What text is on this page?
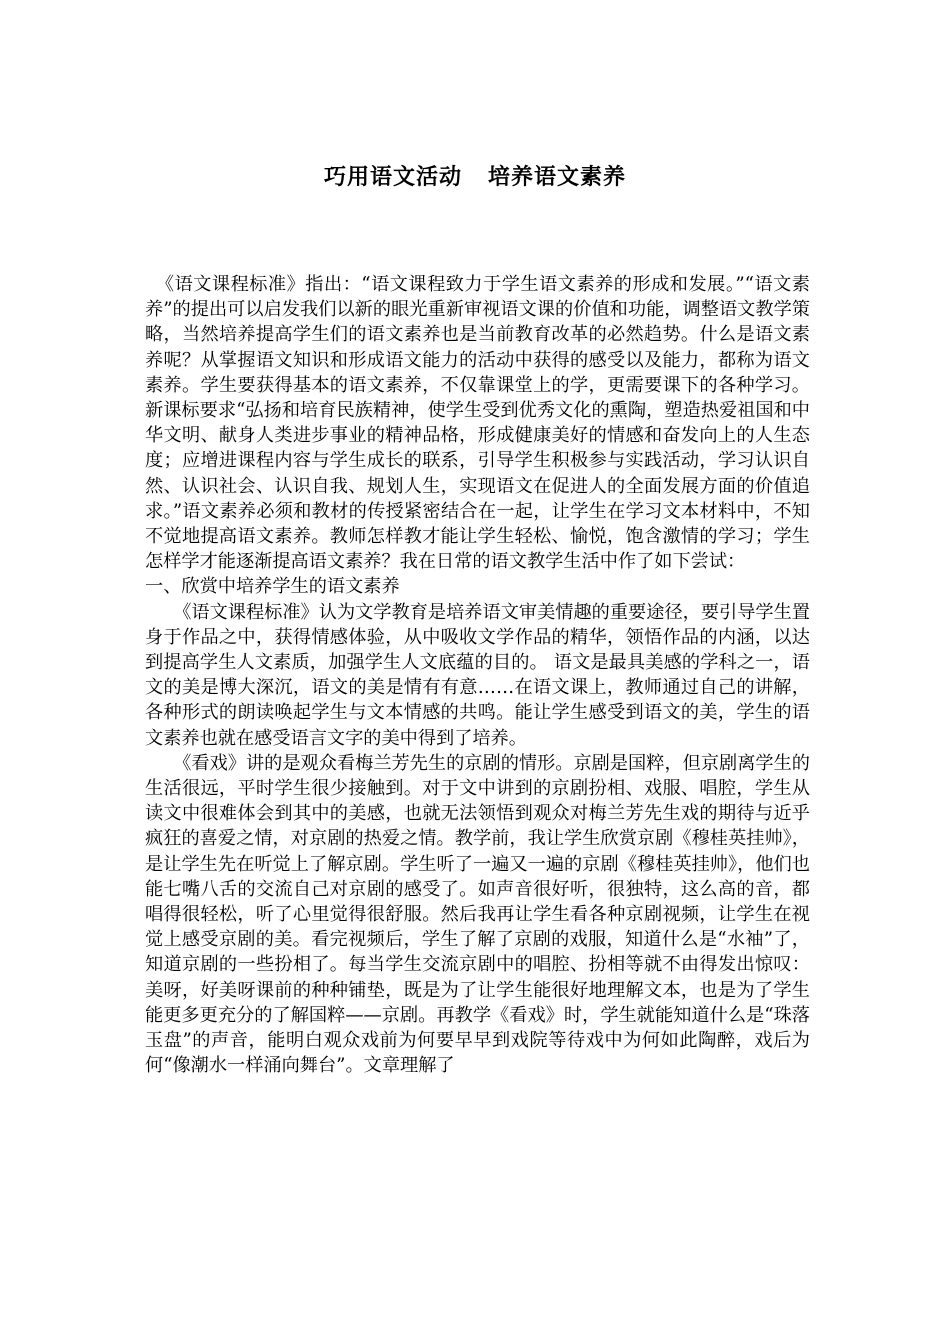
巧用语文活动   培养语文素养

《语文课程标准》指出：“语文课程致力于学生语文素养的形成和发展。”“语文素养”的提出可以启发我们以新的眼光重新审视语文课的价值和功能，调整语文教学策略，当然培养提高学生们的语文素养也是当前教育改革的必然趋势。什么是语文素养呢？从掌握语文知识和形成语文能力的活动中获得的感受以及能力，都称为语文素养。学生要获得基本的语文素养，不仅靠课堂上的学，更需要课下的各种学习。新课标要求“弘扬和培育民族精神，使学生受到优秀文化的熏陶，塑造热爱祖国和中华文明、献身人类进步事业的精神品格，形成健康美好的情感和奋发向上的人生态度；应增进课程内容与学生成长的联系，引导学生积极参与实践活动，学习认识自然、认识社会、认识自我、规划人生，实现语文在促进人的全面发展方面的价值追求。”语文素养必须和教材的传授紧密结合在一起，让学生在学习文本材料中，不知不觉地提高语文素养。教师怎样教才能让学生轻松、愉悦，饱含激情的学习；学生怎样学才能逐渐提高语文素养？我在日常的语文教学生活中作了如下尝试：

一、欣赏中培养学生的语文素养

《语文课程标准》认为文学教育是培养语文审美情趣的重要途径，要引导学生置身于作品之中，获得情感体验，从中吸收文学作品的精华，领悟作品的内涵，以达到提高学生人文素质，加强学生人文底蕴的目的。 语文是最具美感的学科之一，语文的美是博大深沉，语文的美是情有有意……在语文课上，教师通过自己的讲解，各种形式的朗读唤起学生与文本情感的共鸣。能让学生感受到语文的美，学生的语文素养也就在感受语言文字的美中得到了培养。

《看戏》讲的是观众看梅兰芳先生的京剧的情形。京剧是国粹，但京剧离学生的生活很远，平时学生很少接触到。对于文中讲到的京剧扮相、戏服、唱腔，学生从读文中很难体会到其中的美感，也就无法领悟到观众对梅兰芳先生戏的期待与近乎疯狂的喜爱之情，对京剧的热爱之情。教学前，我让学生欣赏京剧《穆桂英挂帅》，是让学生先在听觉上了解京剧。学生听了一遍又一遍的京剧《穆桂英挂帅》，他们也能七嘴八舌的交流自己对京剧的感受了。如声音很好听，很独特，这么高的音，都唱得很轻松，听了心里觉得很舒服。然后我再让学生看各种京剧视频，让学生在视觉上感受京剧的美。看完视频后，学生了解了京剧的戏服，知道什么是“水袖”了，知道京剧的一些扮相了。每当学生交流京剧中的唱腔、扮相等就不由得发出惊叹：美呀，好美呀课前的种种铺垫，既是为了让学生能很好地理解文本，也是为了学生能更多更充分的了解国粹——京剧。再教学《看戏》时，学生就能知道什么是“珠落玉盘”的声音，能明白观众戏前为何要早早到戏院等待戏中为何如此陶醉，戏后为何“像潮水一样涌向舞台”。文章理解了
